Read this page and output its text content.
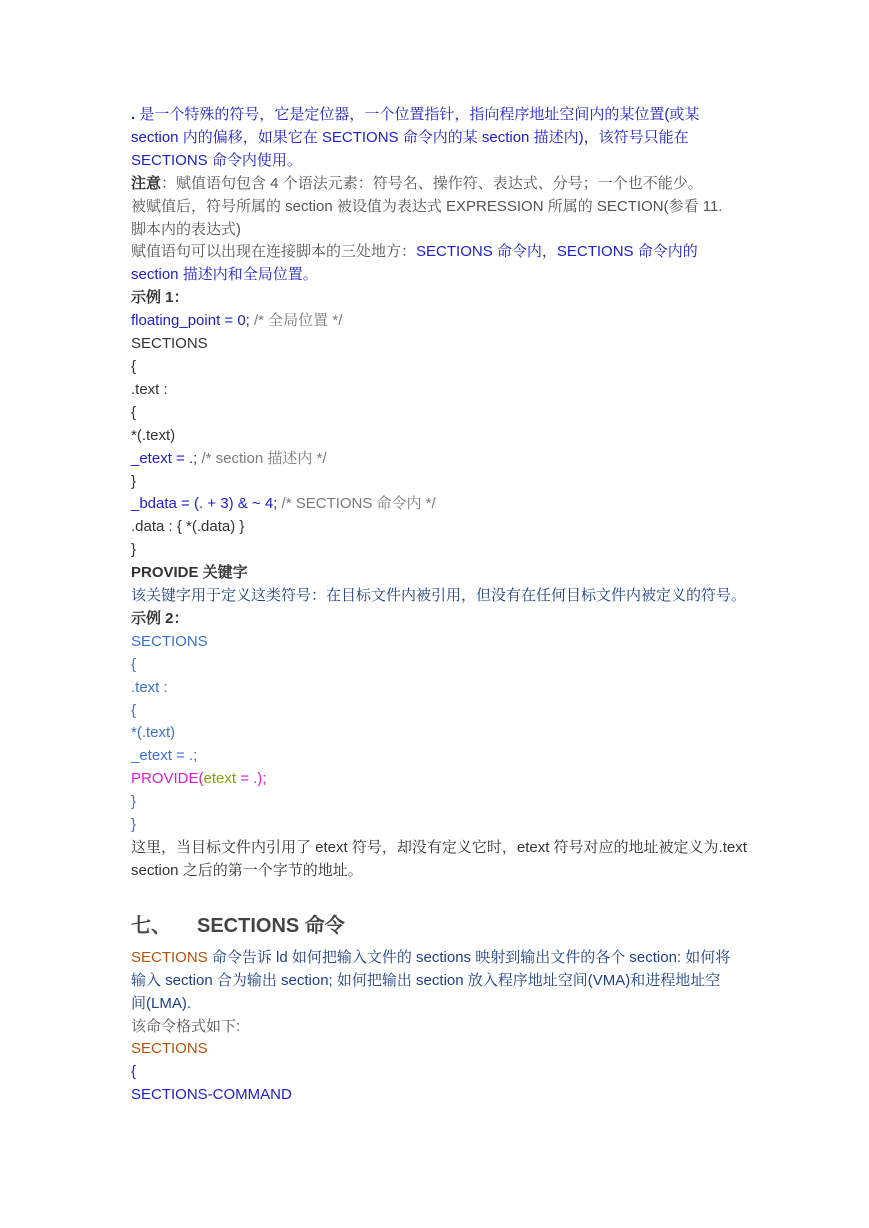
. 是一个特殊的符号，它是定位器，一个位置指针，指向程序地址空间内的某位置(或某
section 内的偏移，如果它在 SECTIONS 命令内的某 section 描述内)，该符号只能在
SECTIONS 命令内使用。
注意：赋值语句包含 4 个语法元素：符号名、操作符、表达式、分号；一个也不能少。
被赋值后，符号所属的 section 被设值为表达式 EXPRESSION 所属的 SECTION(参看 11.
脚本内的表达式)
赋值语句可以出现在连接脚本的三处地方：SECTIONS 命令内，SECTIONS 命令内的
section 描述内和全局位置。
示例 1：
floating_point = 0; /* 全局位置 */
SECTIONS
{
.text :
{
*(.text)
_etext = .; /* section 描述内 */
}
_bdata = (. + 3) & ~ 4; /* SECTIONS 命令内 */
.data : { *(.data) }
}
PROVIDE 关键字
该关键字用于定义这类符号：在目标文件内被引用，但没有在任何目标文件内被定义的符号。
示例 2：
SECTIONS
{
.text :
{
*(.text)
_etext = .;
PROVIDE(etext = .);
}
}
这里，当目标文件内引用了 etext 符号，却没有定义它时，etext 符号对应的地址被定义为.text
section 之后的第一个字节的地址。
七、 SECTIONS 命令
SECTIONS 命令告诉 ld 如何把输入文件的 sections 映射到输出文件的各个 section: 如何将
输入 section 合为输出 section; 如何把输出 section 放入程序地址空间(VMA)和进程地址空
间(LMA).
该命令格式如下:
SECTIONS
{
SECTIONS-COMMAND
